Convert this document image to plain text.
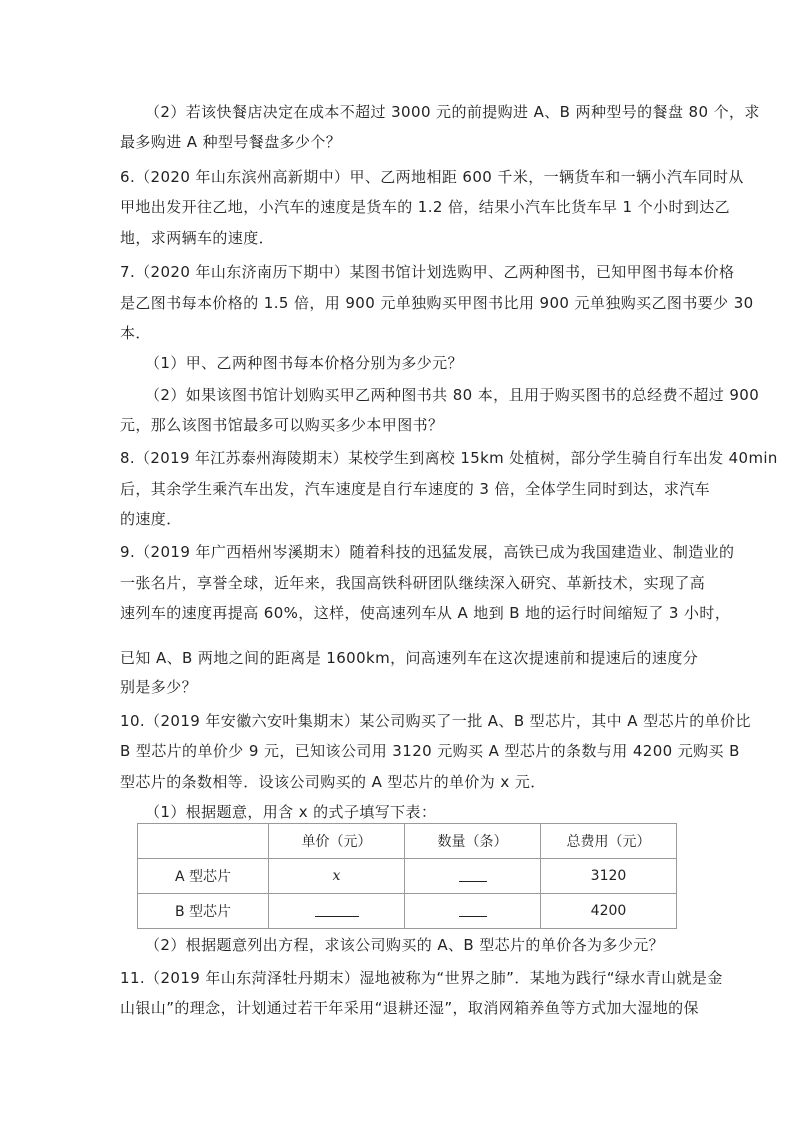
（2）若该快餐店决定在成本不超过 3000 元的前提购进 A、B 两种型号的餐盘 80 个，求
最多购进 A 种型号餐盘多少个？
6.（2020 年山东滨州高新期中）甲、乙两地相距 600 千米，一辆货车和一辆小汽车同时从
甲地出发开往乙地，小汽车的速度是货车的 1.2 倍，结果小汽车比货车早 1 个小时到达乙
地，求两辆车的速度．
7.（2020 年山东济南历下期中）某图书馆计划选购甲、乙两种图书，已知甲图书每本价格
是乙图书每本价格的 1.5 倍，用 900 元单独购买甲图书比用 900 元单独购买乙图书要少 30
本．
（1）甲、乙两种图书每本价格分别为多少元？
（2）如果该图书馆计划购买甲乙两种图书共 80 本，且用于购买图书的总经费不超过 900
元，那么该图书馆最多可以购买多少本甲图书？
8.（2019 年江苏泰州海陵期末）某校学生到离校 15km 处植树，部分学生骑自行车出发 40min
后，其余学生乘汽车出发，汽车速度是自行车速度的 3 倍，全体学生同时到达，求汽车
的速度．
9.（2019 年广西梧州岑溪期末）随着科技的迅猛发展，高铁已成为我国建造业、制造业的
一张名片，享誉全球，近年来，我国高铁科研团队继续深入研究、革新技术，实现了高
速列车的速度再提高 60%，这样，使高速列车从 A 地到 B 地的运行时间缩短了 3 小时，
已知 A、B 两地之间的距离是 1600km，问高速列车在这次提速前和提速后的速度分
别是多少？
10.（2019 年安徽六安叶集期末）某公司购买了一批 A、B 型芯片，其中 A 型芯片的单价比
B 型芯片的单价少 9 元，已知该公司用 3120 元购买 A 型芯片的条数与用 4200 元购买 B
型芯片的条数相等．设该公司购买的 A 型芯片的单价为 x 元．
（1）根据题意，用含 x 的式子填写下表：
	单价（元）	数量（条）	总费用（元）
A 型芯片	x		3120
B 型芯片			4200
（2）根据题意列出方程，求该公司购买的 A、B 型芯片的单价各为多少元？
11.（2019 年山东菏泽牡丹期末）湿地被称为“世界之肺”．某地为践行“绿水青山就是金
山银山”的理念，计划通过若干年采用“退耕还湿”，取消网箱养鱼等方式加大湿地的保
